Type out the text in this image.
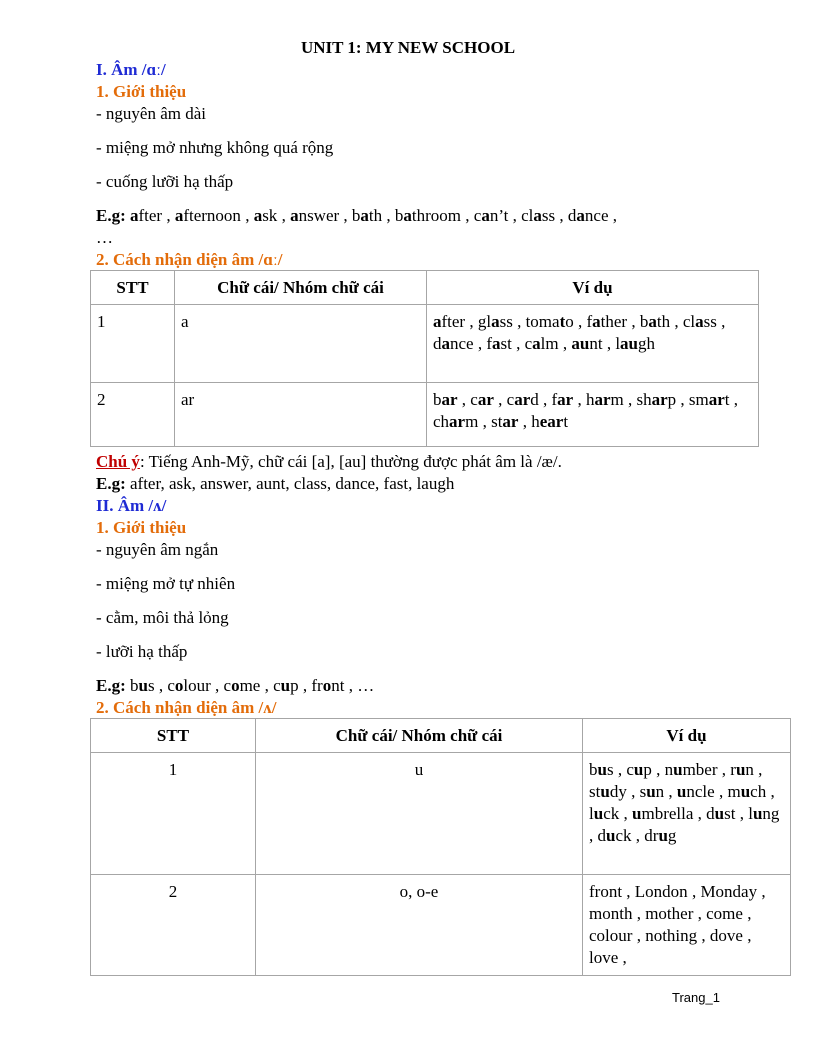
UNIT 1: MY NEW SCHOOL
I. Âm /ɑː/
1. Giới thiệu
- nguyên âm dài
- miệng mở nhưng không quá rộng
- cuống lưỡi hạ thấp
E.g: after , afternoon , ask , answer , bath , bathroom , can’t , class , dance ,
…
2. Cách nhận diện âm /ɑː/
STT	Chữ cái/ Nhóm chữ cái	Ví dụ
1	a	after , glass , tomato , father , bath , class , dance , fast , calm , aunt , laugh
2	ar	bar , car , card , far , harm , sharp , smart , charm , star , heart
Chú ý: Tiếng Anh-Mỹ, chữ cái [a], [au] thường được phát âm là /æ/.
E.g: after, ask, answer, aunt, class, dance, fast, laugh
II. Âm /ʌ/
1. Giới thiệu
- nguyên âm ngắn
- miệng mở tự nhiên
- cằm, môi thả lỏng
- lưỡi hạ thấp
E.g: bus , colour , come , cup , front , …
2. Cách nhận diện âm /ʌ/
STT	Chữ cái/ Nhóm chữ cái	Ví dụ
1	u	bus , cup , number , run , study , sun , uncle , much , luck , umbrella , dust , lung , duck , drug
2	o, o-e	front , London , Monday , month , mother , come , colour , nothing , dove , love ,
Trang_1
